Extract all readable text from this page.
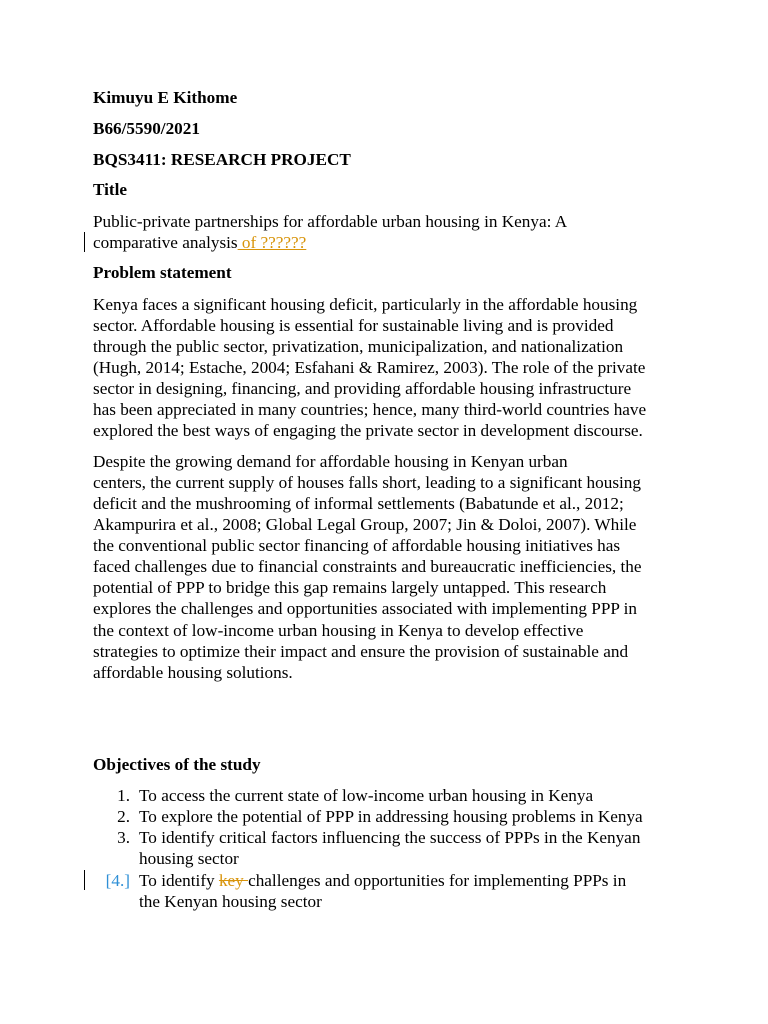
Kimuyu E Kithome
B66/5590/2021
BQS3411: RESEARCH PROJECT
Title
Public-private partnerships for affordable urban housing in Kenya: A
comparative analysis of ??????
Problem statement
Kenya faces a significant housing deficit, particularly in the affordable housing
sector. Affordable housing is essential for sustainable living and is provided
through the public sector, privatization, municipalization, and nationalization
(Hugh, 2014; Estache, 2004; Esfahani & Ramirez, 2003). The role of the private
sector in designing, financing, and providing affordable housing infrastructure
has been appreciated in many countries; hence, many third-world countries have
explored the best ways of engaging the private sector in development discourse.
Despite the growing demand for affordable housing in Kenyan urban
centers, the current supply of houses falls short, leading to a significant housing
deficit and the mushrooming of informal settlements (Babatunde et al., 2012;
Akampurira et al., 2008; Global Legal Group, 2007; Jin & Doloi, 2007). While
the conventional public sector financing of affordable housing initiatives has
faced challenges due to financial constraints and bureaucratic inefficiencies, the
potential of PPP to bridge this gap remains largely untapped. This research
explores the challenges and opportunities associated with implementing PPP in
the context of low-income urban housing in Kenya to develop effective
strategies to optimize their impact and ensure the provision of sustainable and
affordable housing solutions.
Objectives of the study
1. To access the current state of low-income urban housing in Kenya
2. To explore the potential of PPP in addressing housing problems in Kenya
3. To identify critical factors influencing the success of PPPs in the Kenyan
housing sector
[4.] To identify key challenges and opportunities for implementing PPPs in
the Kenyan housing sector
